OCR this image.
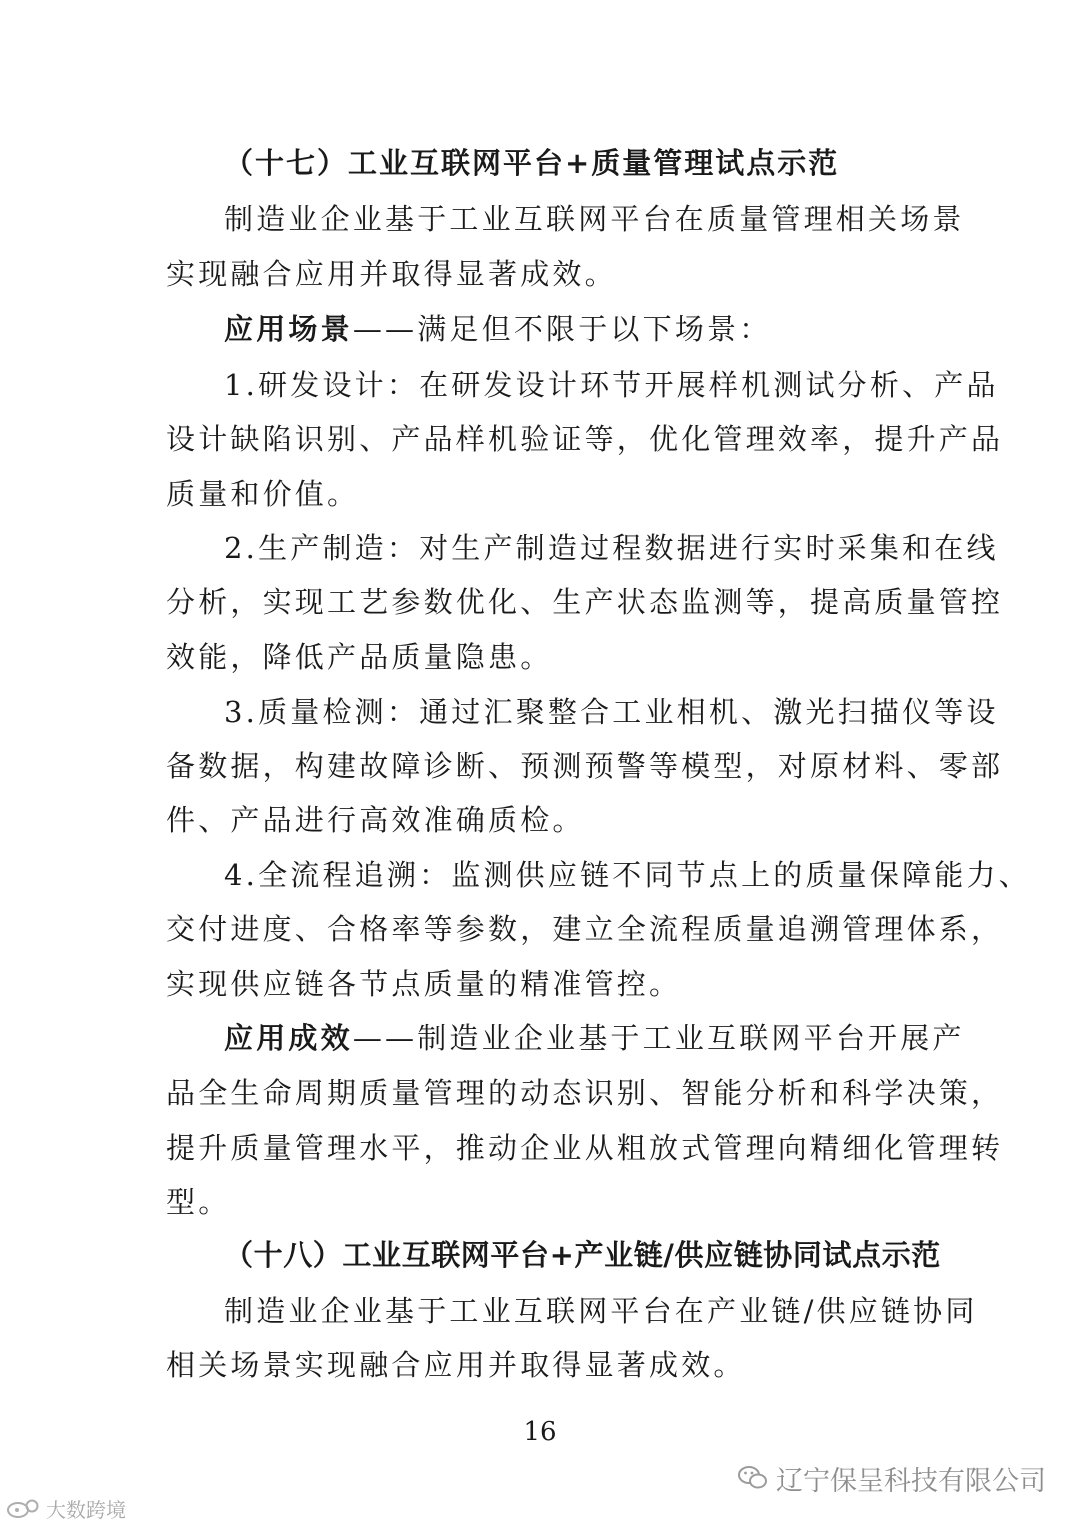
（十七）工业互联网平台+质量管理试点示范
制造业企业基于工业互联网平台在质量管理相关场景
实现融合应用并取得显著成效。
应用场景——满足但不限于以下场景：
1.研发设计：在研发设计环节开展样机测试分析、产品
设计缺陷识别、产品样机验证等，优化管理效率，提升产品
质量和价值。
2.生产制造：对生产制造过程数据进行实时采集和在线
分析，实现工艺参数优化、生产状态监测等，提高质量管控
效能，降低产品质量隐患。
3.质量检测：通过汇聚整合工业相机、激光扫描仪等设
备数据，构建故障诊断、预测预警等模型，对原材料、零部
件、产品进行高效准确质检。
4.全流程追溯：监测供应链不同节点上的质量保障能力、
交付进度、合格率等参数，建立全流程质量追溯管理体系，
实现供应链各节点质量的精准管控。
应用成效——制造业企业基于工业互联网平台开展产
品全生命周期质量管理的动态识别、智能分析和科学决策，
提升质量管理水平，推动企业从粗放式管理向精细化管理转
型。
（十八）工业互联网平台+产业链/供应链协同试点示范
制造业企业基于工业互联网平台在产业链/供应链协同
相关场景实现融合应用并取得显著成效。
16
辽宁保呈科技有限公司
大数跨境
